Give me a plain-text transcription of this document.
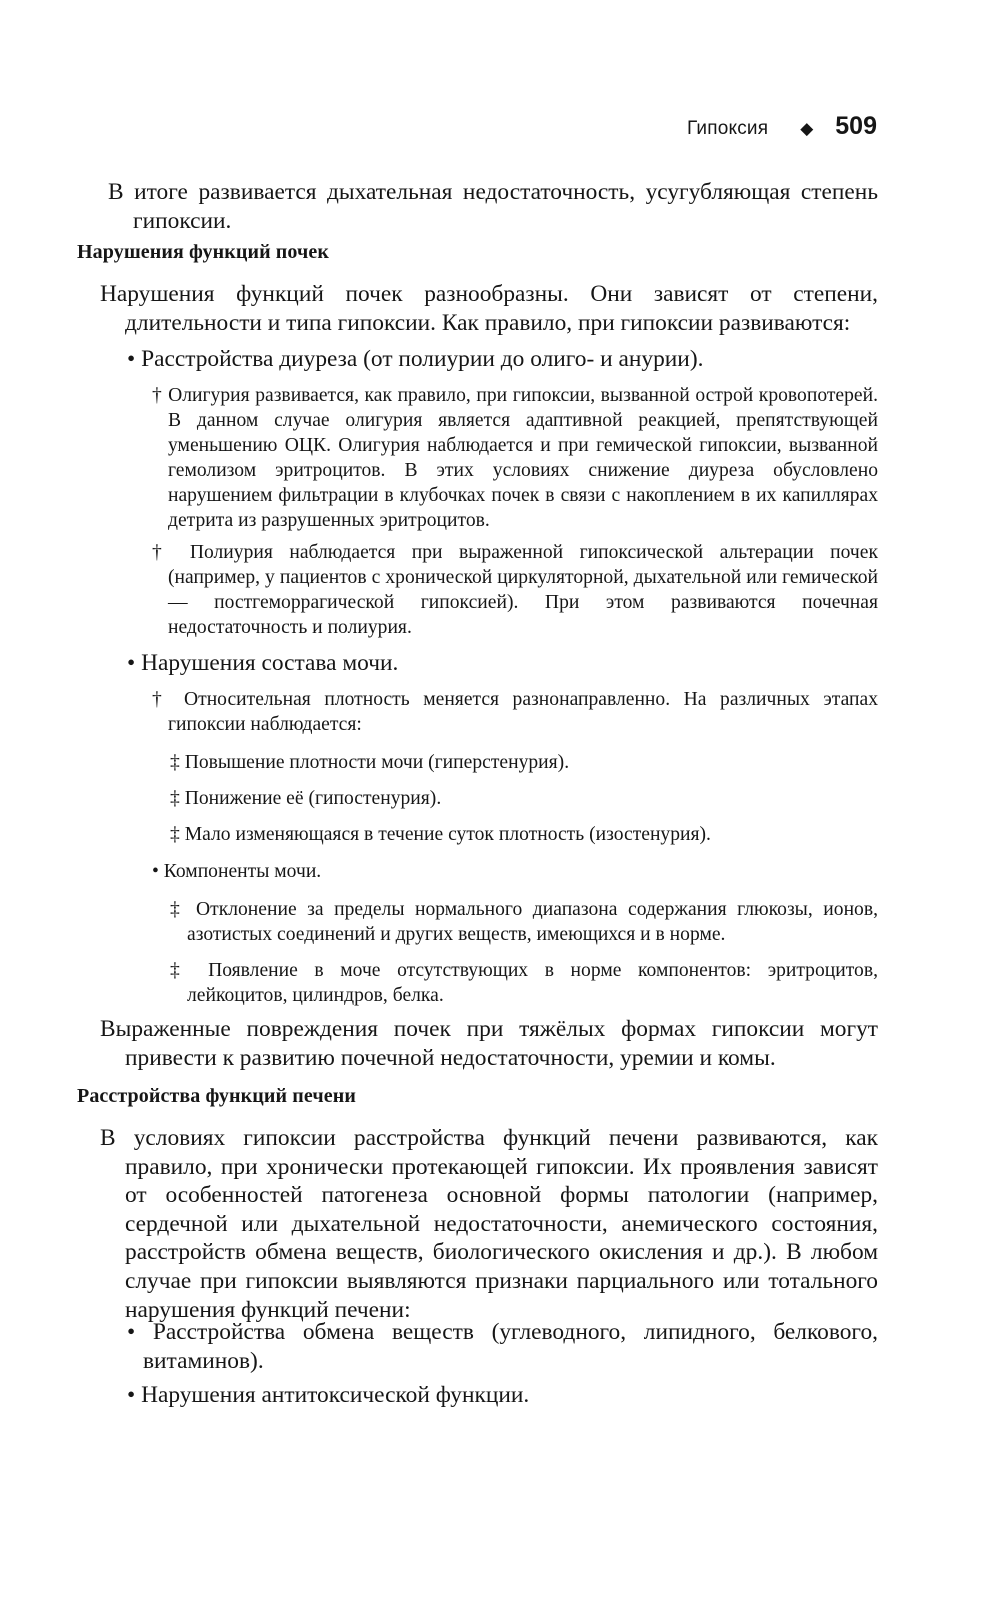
Гипоксия ◆ 509

В итоге развивается дыхательная недостаточность, усугубляющая степень гипоксии.

Нарушения функций почек

Нарушения функций почек разнообразны. Они зависят от степени, длительности и типа гипоксии. Как правило, при гипоксии развиваются:

• Расстройства диуреза (от полиурии до олиго- и анурии).

† Олигурия развивается, как правило, при гипоксии, вызванной острой кровопотерей. В данном случае олигурия является адаптивной реакцией, препятствующей уменьшению ОЦК. Олигурия наблюдается и при гемической гипоксии, вызванной гемолизом эритроцитов. В этих условиях снижение диуреза обусловлено нарушением фильтрации в клубочках почек в связи с накоплением в их капиллярах детрита из разрушенных эритроцитов.

† Полиурия наблюдается при выраженной гипоксической альтерации почек (например, у пациентов с хронической циркуляторной, дыхательной или гемической — постгеморрагической гипоксией). При этом развиваются почечная недостаточность и полиурия.

• Нарушения состава мочи.

† Относительная плотность меняется разнонаправленно. На различных этапах гипоксии наблюдается:

‡ Повышение плотности мочи (гиперстенурия).
‡ Понижение её (гипостенурия).
‡ Мало изменяющаяся в течение суток плотность (изостенурия).
• Компоненты мочи.

‡ Отклонение за пределы нормального диапазона содержания глюкозы, ионов, азотистых соединений и других веществ, имеющихся и в норме.

‡ Появление в моче отсутствующих в норме компонентов: эритроцитов, лейкоцитов, цилиндров, белка.

Выраженные повреждения почек при тяжёлых формах гипоксии могут привести к развитию почечной недостаточности, уремии и комы.

Расстройства функций печени

В условиях гипоксии расстройства функций печени развиваются, как правило, при хронически протекающей гипоксии. Их проявления зависят от особенностей патогенеза основной формы патологии (например, сердечной или дыхательной недостаточности, анемического состояния, расстройств обмена веществ, биологического окисления и др.). В любом случае при гипоксии выявляются признаки парциального или тотального нарушения функций печени:

• Расстройства обмена веществ (углеводного, липидного, белкового, витаминов).

• Нарушения антитоксической функции.
